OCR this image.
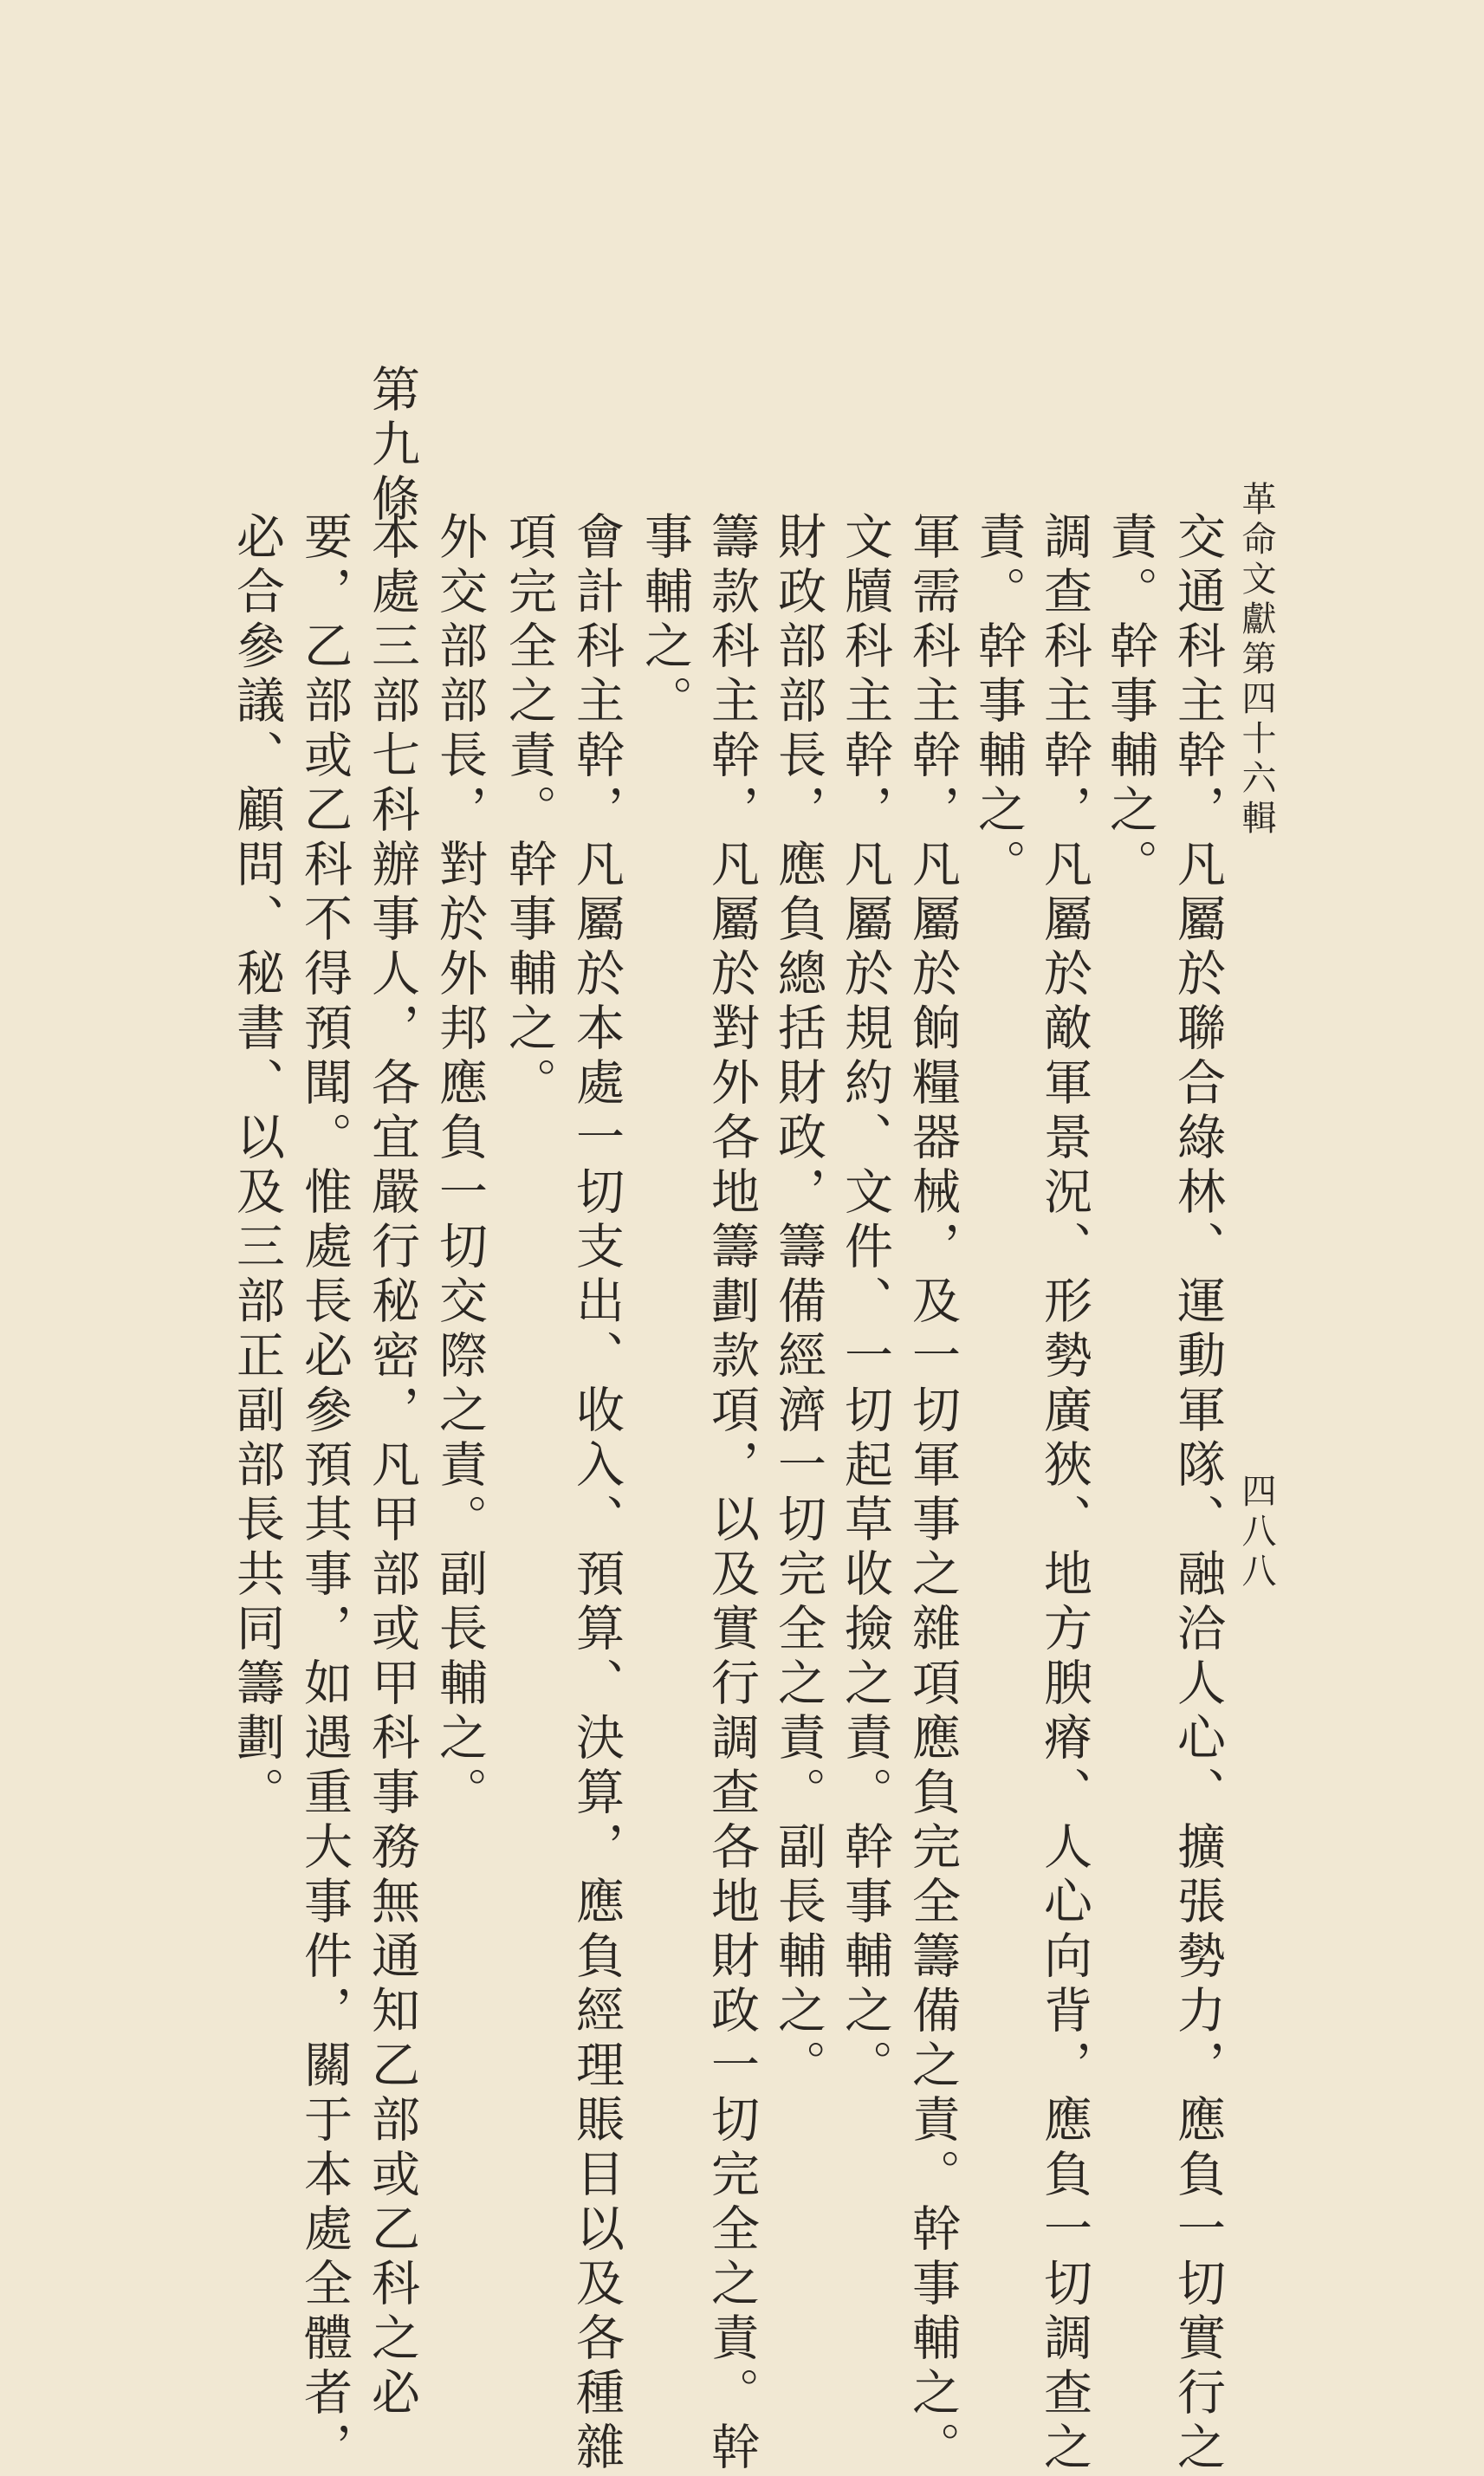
革命文獻第四十六輯
四八八
交通科主幹，凡屬於聯合綠林、運動軍隊、融洽人心、擴張勢力，應負一切實行之
責。幹事輔之。
調查科主幹，凡屬於敵軍景況、形勢廣狹、地方腴瘠、人心向背，應負一切調查之
責。幹事輔之。
軍需科主幹，凡屬於餉糧器械，及一切軍事之雜項應負完全籌備之責。幹事輔之。
文牘科主幹，凡屬於規約、文件、一切起草收撿之責。幹事輔之。
財政部部長，應負總括財政，籌備經濟一切完全之責。副長輔之。
籌款科主幹，凡屬於對外各地籌劃款項，以及實行調查各地財政一切完全之責。幹
事輔之。
會計科主幹，凡屬於本處一切支出、收入、預算、決算，應負經理賬目以及各種雜
項完全之責。幹事輔之。
外交部部長，對於外邦應負一切交際之責。副長輔之。
第九條
本處三部七科辦事人，各宜嚴行秘密，凡甲部或甲科事務無通知乙部或乙科之必
要，乙部或乙科不得預聞。惟處長必參預其事，如遇重大事件，關于本處全體者，
必合參議、顧問、秘書、以及三部正副部長共同籌劃。
